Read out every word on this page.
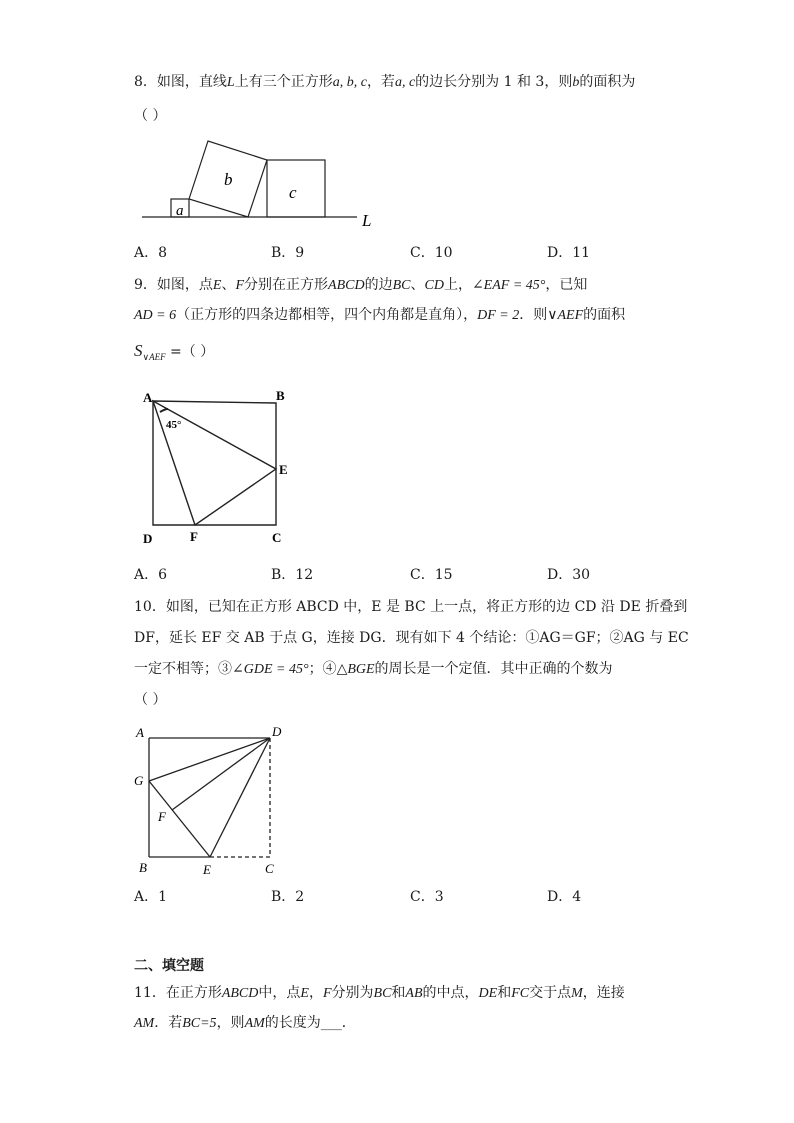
8．如图，直线L上有三个正方形a, b, c，若a, c的边长分别为 1 和 3，则b的面积为
（ ）
a
b
c
L
A．8	B．9	C．10	D．11
9．如图，点E、F分别在正方形ABCD的边BC、CD上，∠EAF = 45°，已知
AD = 6（正方形的四条边都相等，四个内角都是直角），DF = 2．则∨AEF的面积
$S_{\vee AEF}$ =（ ）
A	B
E
D	F	C
45°
A．6	B．12	C．15	D．30
10．如图，已知在正方形 ABCD 中，E 是 BC 上一点，将正方形的边 CD 沿 DE 折叠到
DF，延长 EF 交 AB 于点 G，连接 DG．现有如下 4 个结论：①AG＝GF；②AG 与 EC
一定不相等；③∠GDE = 45°；④△BGE的周长是一个定值．其中正确的个数为
（ ）
A	D
G
F
B	E	C
A．1	B．2	C．3	D．4
二、填空题
11．在正方形ABCD中，点E，F分别为BC和AB的中点，DE和FC交于点M，连接
AM．若BC=5，则AM的长度为___．
